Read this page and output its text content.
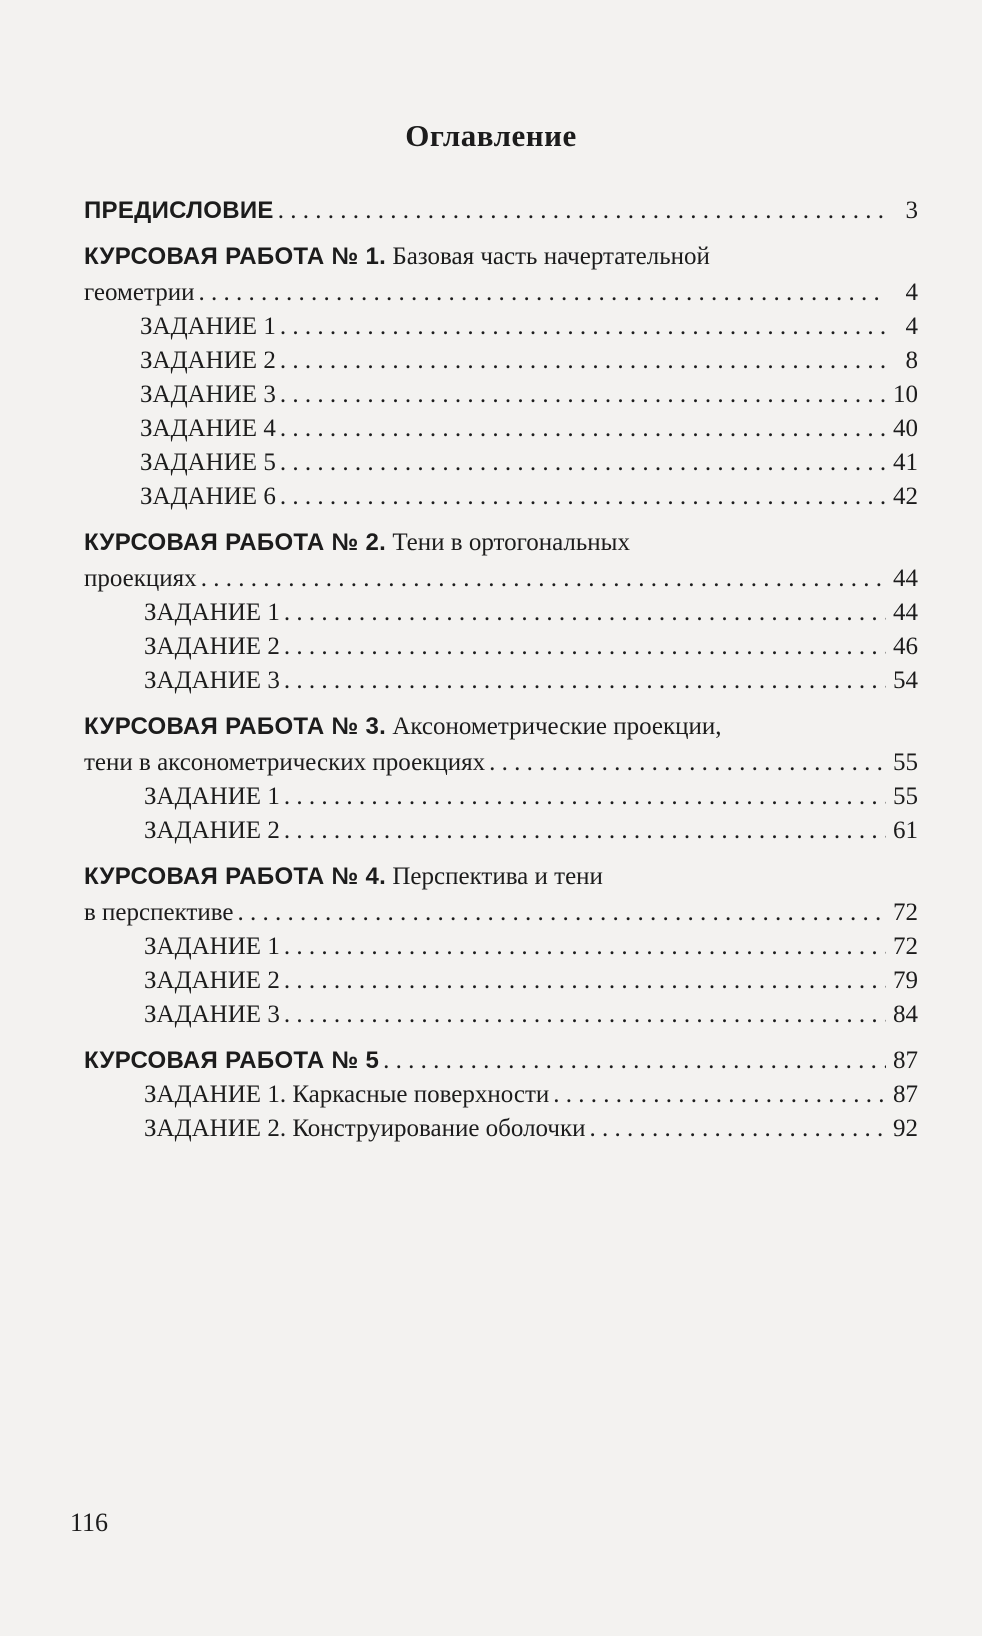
Оглавление
ПРЕДИСЛОВИЕ . . .	3
КУРСОВАЯ РАБОТА № 1. Базовая часть начертательной
геометрии . . .	4
ЗАДАНИЕ 1 . . .	4
ЗАДАНИЕ 2 . . .	8
ЗАДАНИЕ 3 . . .	10
ЗАДАНИЕ 4 . . .	40
ЗАДАНИЕ 5 . . .	41
ЗАДАНИЕ 6 . . .	42
КУРСОВАЯ РАБОТА № 2. Тени в ортогональных
проекциях . . .	44
ЗАДАНИЕ 1 . . .	44
ЗАДАНИЕ 2 . . .	46
ЗАДАНИЕ 3 . . .	54
КУРСОВАЯ РАБОТА № 3. Аксонометрические проекции,
тени в аксонометрических проекциях . . .	55
ЗАДАНИЕ 1 . . .	55
ЗАДАНИЕ 2 . . .	61
КУРСОВАЯ РАБОТА № 4. Перспектива и тени
в перспективе . . .	72
ЗАДАНИЕ 1 . . .	72
ЗАДАНИЕ 2 . . .	79
ЗАДАНИЕ 3 . . .	84
КУРСОВАЯ РАБОТА № 5 . . .	87
ЗАДАНИЕ 1. Каркасные поверхности . . .	87
ЗАДАНИЕ 2. Конструирование оболочки . . .	92
116
